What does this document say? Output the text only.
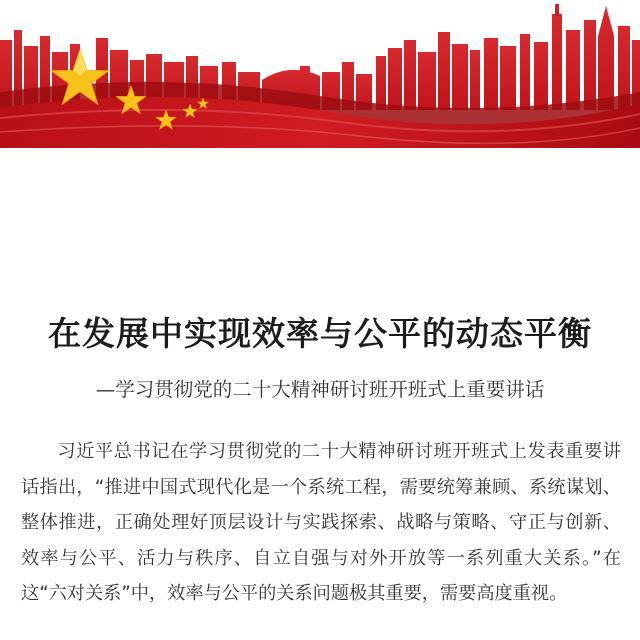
在发展中实现效率与公平的动态平衡

—学习贯彻党的二十大精神研讨班开班式上重要讲话

习近平总书记在学习贯彻党的二十大精神研讨班开班式上发表重要讲话指出，“推进中国式现代化是一个系统工程，需要统筹兼顾、系统谋划、整体推进，正确处理好顶层设计与实践探索、战略与策略、守正与创新、效率与公平、活力与秩序、自立自强与对外开放等一系列重大关系。”在这“六对关系”中，效率与公平的关系问题极其重要，需要高度重视。
